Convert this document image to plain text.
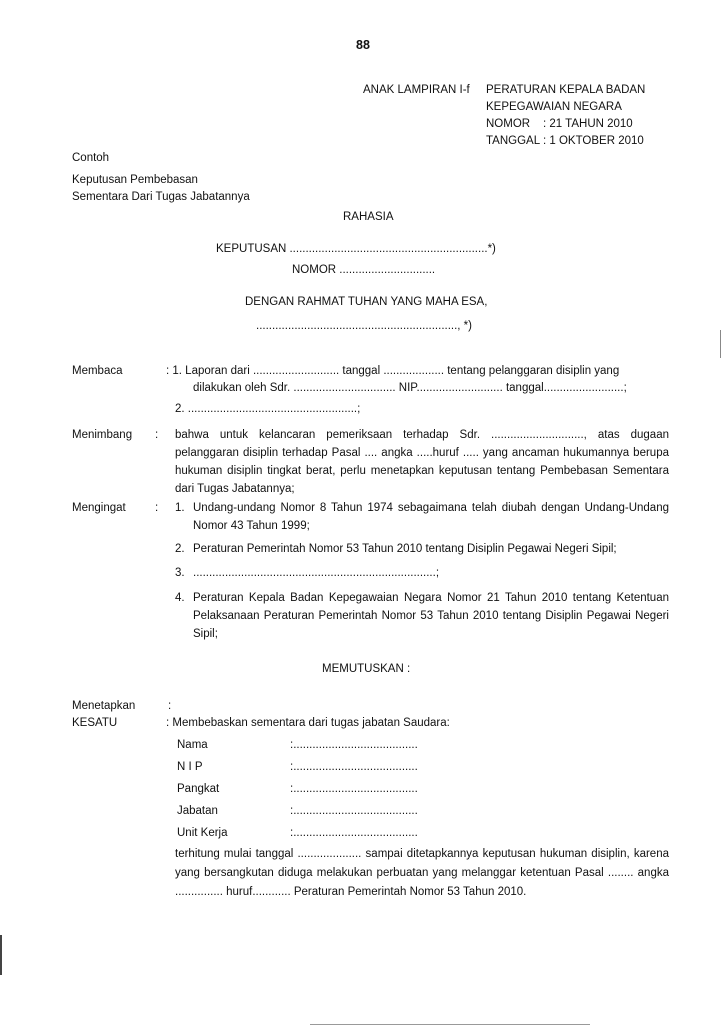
88
ANAK LAMPIRAN I-f PERATURAN KEPALA BADAN
KEPEGAWAIAN NEGARA
NOMOR : 21 TAHUN 2010
TANGGAL : 1 OKTOBER 2010
Contoh
Keputusan Pembebasan
Sementara Dari Tugas Jabatannya
RAHASIA
KEPUTUSAN ..............................................................*)
NOMOR ..............................
DENGAN RAHMAT TUHAN YANG MAHA ESA,
..............................................................., *)
Membaca	: 1. Laporan dari ........................... tanggal ................... tentang pelanggaran disiplin yang
dilakukan oleh Sdr. ................................ NIP........................... tanggal.........................;
2. .....................................................;
Menimbang : bahwa untuk kelancaran pemeriksaan terhadap Sdr. ............................., atas dugaan pelanggaran disiplin terhadap Pasal .... angka .....huruf ..... yang ancaman hukumannya berupa hukuman disiplin tingkat berat, perlu menetapkan keputusan tentang Pembebasan Sementara dari Tugas Jabatannya;
Mengingat	: 1. Undang-undang Nomor 8 Tahun 1974 sebagaimana telah diubah dengan Undang-Undang Nomor 43 Tahun 1999;
2. Peraturan Pemerintah Nomor 53 Tahun 2010 tentang Disiplin Pegawai Negeri Sipil;
3. ............................................................................;
4. Peraturan Kepala Badan Kepegawaian Negara Nomor 21 Tahun 2010 tentang Ketentuan Pelaksanaan Peraturan Pemerintah Nomor 53 Tahun 2010 tentang Disiplin Pegawai Negeri Sipil;
MEMUTUSKAN :
Menetapkan	:
KESATU	: Membebaskan sementara dari tugas jabatan Saudara:
Nama	:.......................................
N I P	:.......................................
Pangkat	:.......................................
Jabatan	:.......................................
Unit Kerja	:.......................................
terhitung mulai tanggal .................... sampai ditetapkannya keputusan hukuman disiplin, karena yang bersangkutan diduga melakukan perbuatan yang melanggar ketentuan Pasal ........ angka ............... huruf............ Peraturan Pemerintah Nomor 53 Tahun 2010.
